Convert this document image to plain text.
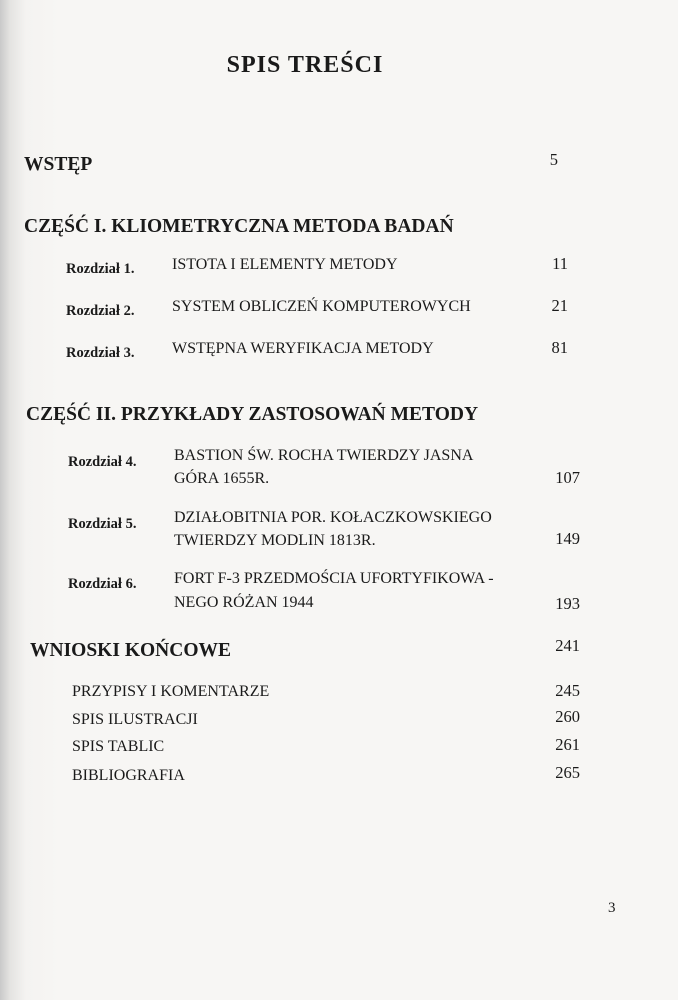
SPIS TREŚCI
WSTĘP	5
CZĘŚĆ I. KLIOMETRYCZNA METODA BADAŃ
Rozdział 1. ISTOTA I ELEMENTY METODY	11
Rozdział 2. SYSTEM OBLICZEŃ KOMPUTEROWYCH	21
Rozdział 3. WSTĘPNA WERYFIKACJA METODY	81
CZĘŚĆ II. PRZYKŁADY ZASTOSOWAŃ METODY
Rozdział 4. BASTION ŚW. ROCHA TWIERDZY JASNA
GÓRA 1655R.	107
Rozdział 5. DZIAŁOBITNIA POR. KOŁACZKOWSKIEGO
TWIERDZY MODLIN 1813R.	149
Rozdział 6. FORT F-3 PRZEDMOŚCIA UFORTYFIKOWA -
NEGO RÓŻAN 1944	193
WNIOSKI KOŃCOWE	241
PRZYPISY I KOMENTARZE	245
SPIS ILUSTRACJI	260
SPIS TABLIC	261
BIBLIOGRAFIA	265
3
